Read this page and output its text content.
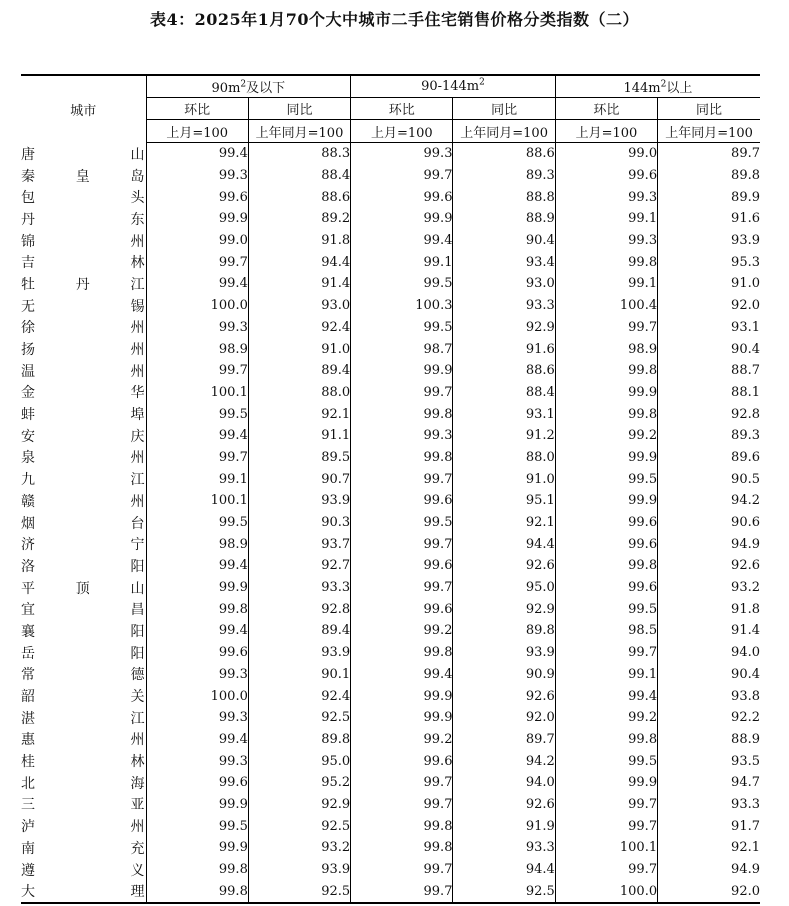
表4：2025年1月70个大中城市二手住宅销售价格分类指数（二）
城市	$90m^2$及以下		$90-144m^2$		$144m^2$以上	
	环比	同比	环比	同比	环比	同比
	上月=100	上年同月=100	上月=100	上年同月=100	上月=100	上年同月=100
唐山	99.4	88.3	99.3	88.6	99.0	89.7
秦皇岛	99.3	88.4	99.7	89.3	99.6	89.8
包头	99.6	88.6	99.6	88.8	99.3	89.9
丹东	99.9	89.2	99.9	88.9	99.1	91.6
锦州	99.0	91.8	99.4	90.4	99.3	93.9
吉林	99.7	94.4	99.1	93.4	99.8	95.3
牡丹江	99.4	91.4	99.5	93.0	99.1	91.0
无锡	100.0	93.0	100.3	93.3	100.4	92.0
徐州	99.3	92.4	99.5	92.9	99.7	93.1
扬州	98.9	91.0	98.7	91.6	98.9	90.4
温州	99.7	89.4	99.9	88.6	99.8	88.7
金华	100.1	88.0	99.7	88.4	99.9	88.1
蚌埠	99.5	92.1	99.8	93.1	99.8	92.8
安庆	99.4	91.1	99.3	91.2	99.2	89.3
泉州	99.7	89.5	99.8	88.0	99.9	89.6
九江	99.1	90.7	99.7	91.0	99.5	90.5
赣州	100.1	93.9	99.6	95.1	99.9	94.2
烟台	99.5	90.3	99.5	92.1	99.6	90.6
济宁	98.9	93.7	99.7	94.4	99.6	94.9
洛阳	99.4	92.7	99.6	92.6	99.8	92.6
平顶山	99.9	93.3	99.7	95.0	99.6	93.2
宜昌	99.8	92.8	99.6	92.9	99.5	91.8
襄阳	99.4	89.4	99.2	89.8	98.5	91.4
岳阳	99.6	93.9	99.8	93.9	99.7	94.0
常德	99.3	90.1	99.4	90.9	99.1	90.4
韶关	100.0	92.4	99.9	92.6	99.4	93.8
湛江	99.3	92.5	99.9	92.0	99.2	92.2
惠州	99.4	89.8	99.2	89.7	99.8	88.9
桂林	99.3	95.0	99.6	94.2	99.5	93.5
北海	99.6	95.2	99.7	94.0	99.9	94.7
三亚	99.9	92.9	99.7	92.6	99.7	93.3
泸州	99.5	92.5	99.8	91.9	99.7	91.7
南充	99.9	93.2	99.8	93.3	100.1	92.1
遵义	99.8	93.9	99.7	94.4	99.7	94.9
大理	99.8	92.5	99.7	92.5	100.0	92.0
